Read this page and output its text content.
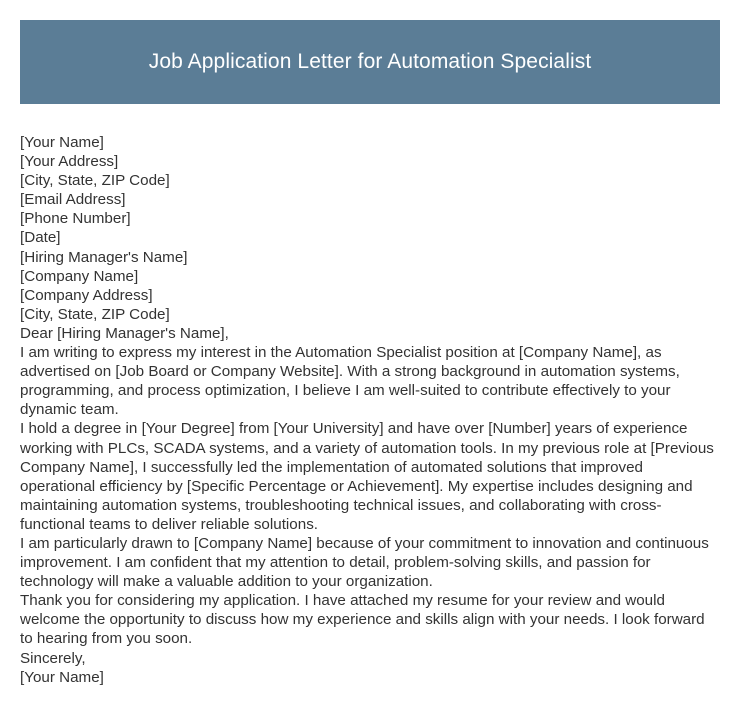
Job Application Letter for Automation Specialist
[Your Name]
[Your Address]
[City, State, ZIP Code]
[Email Address]
[Phone Number]
[Date]
[Hiring Manager's Name]
[Company Name]
[Company Address]
[City, State, ZIP Code]
Dear [Hiring Manager's Name],
I am writing to express my interest in the Automation Specialist position at [Company Name], as advertised on [Job Board or Company Website]. With a strong background in automation systems, programming, and process optimization, I believe I am well-suited to contribute effectively to your dynamic team.
I hold a degree in [Your Degree] from [Your University] and have over [Number] years of experience working with PLCs, SCADA systems, and a variety of automation tools. In my previous role at [Previous Company Name], I successfully led the implementation of automated solutions that improved operational efficiency by [Specific Percentage or Achievement]. My expertise includes designing and maintaining automation systems, troubleshooting technical issues, and collaborating with cross-functional teams to deliver reliable solutions.
I am particularly drawn to [Company Name] because of your commitment to innovation and continuous improvement. I am confident that my attention to detail, problem-solving skills, and passion for technology will make a valuable addition to your organization.
Thank you for considering my application. I have attached my resume for your review and would welcome the opportunity to discuss how my experience and skills align with your needs. I look forward to hearing from you soon.
Sincerely,
[Your Name]
